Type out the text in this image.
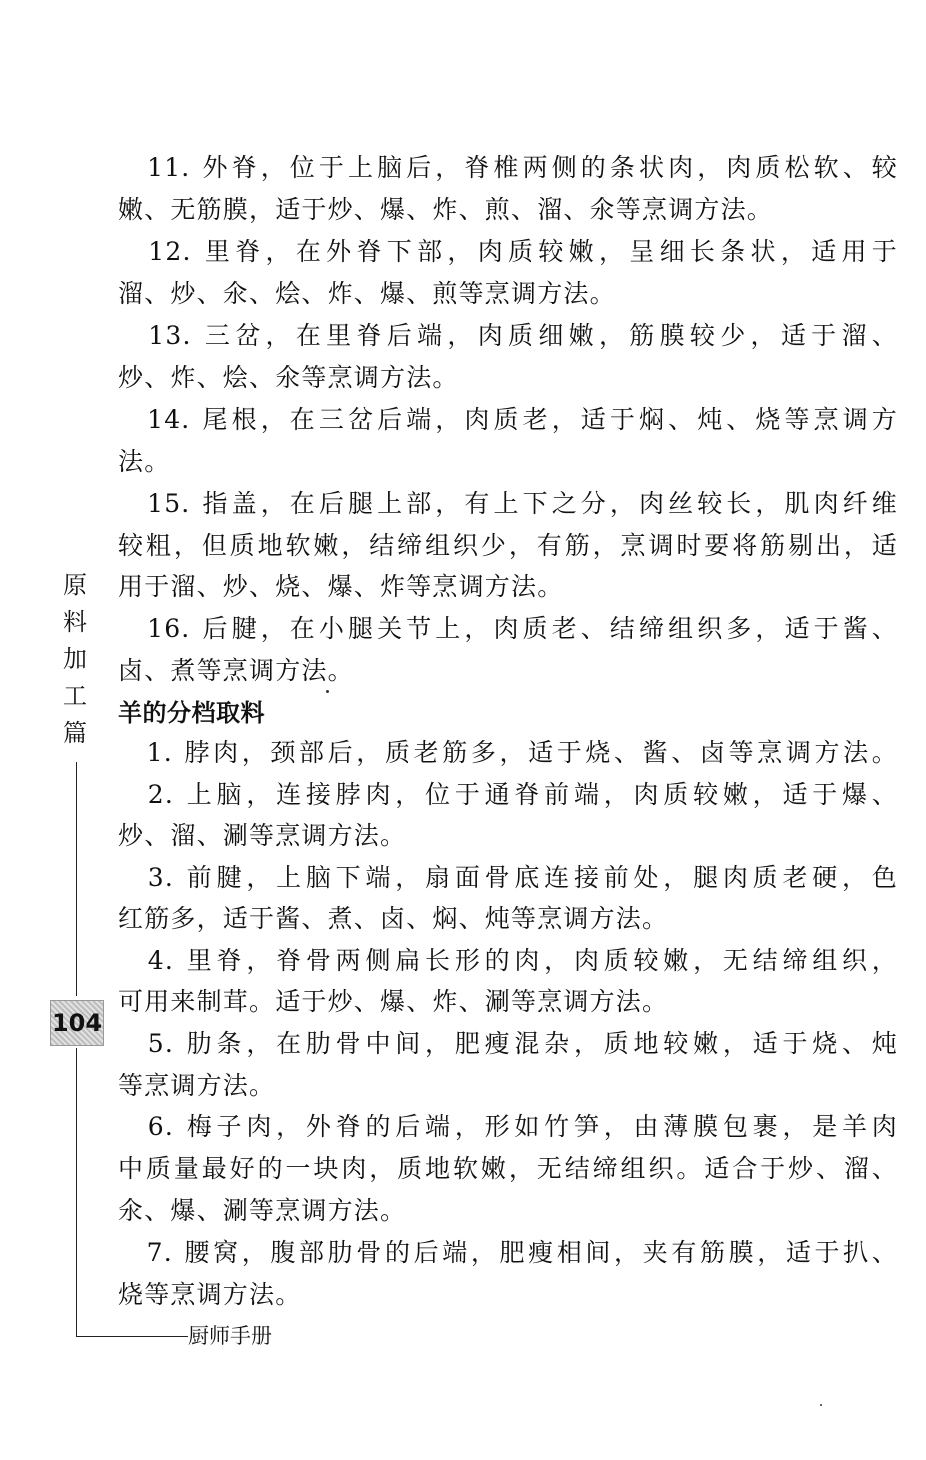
　11. 外脊，位于上脑后，脊椎两侧的条状肉，肉质松软、较
嫩、无筋膜，适于炒、爆、炸、煎、溜、氽等烹调方法。
　12. 里脊，在外脊下部，肉质较嫩，呈细长条状，适用于
溜、炒、氽、烩、炸、爆、煎等烹调方法。
　13. 三岔，在里脊后端，肉质细嫩，筋膜较少，适于溜、
炒、炸、烩、氽等烹调方法。
　14. 尾根，在三岔后端，肉质老，适于焖、炖、烧等烹调方
法。
　15. 指盖，在后腿上部，有上下之分，肉丝较长，肌肉纤维
较粗，但质地软嫩，结缔组织少，有筋，烹调时要将筋剔出，适
用于溜、炒、烧、爆、炸等烹调方法。
　16. 后腱，在小腿关节上，肉质老、结缔组织多，适于酱、
卤、煮等烹调方法。
羊的分档取料
　1. 脖肉，颈部后，质老筋多，适于烧、酱、卤等烹调方法。
　2. 上脑，连接脖肉，位于通脊前端，肉质较嫩，适于爆、
炒、溜、涮等烹调方法。
　3. 前腱，上脑下端，扇面骨底连接前处，腿肉质老硬，色
红筋多，适于酱、煮、卤、焖、炖等烹调方法。
　4. 里脊，脊骨两侧扁长形的肉，肉质较嫩，无结缔组织，
可用来制茸。适于炒、爆、炸、涮等烹调方法。
　5. 肋条，在肋骨中间，肥瘦混杂，质地较嫩，适于烧、炖
等烹调方法。
　6. 梅子肉，外脊的后端，形如竹笋，由薄膜包裹，是羊肉
中质量最好的一块肉，质地软嫩，无结缔组织。适合于炒、溜、
氽、爆、涮等烹调方法。
　7. 腰窝，腹部肋骨的后端，肥瘦相间，夹有筋膜，适于扒、
烧等烹调方法。
原
料
加
工
篇
104
厨师手册
